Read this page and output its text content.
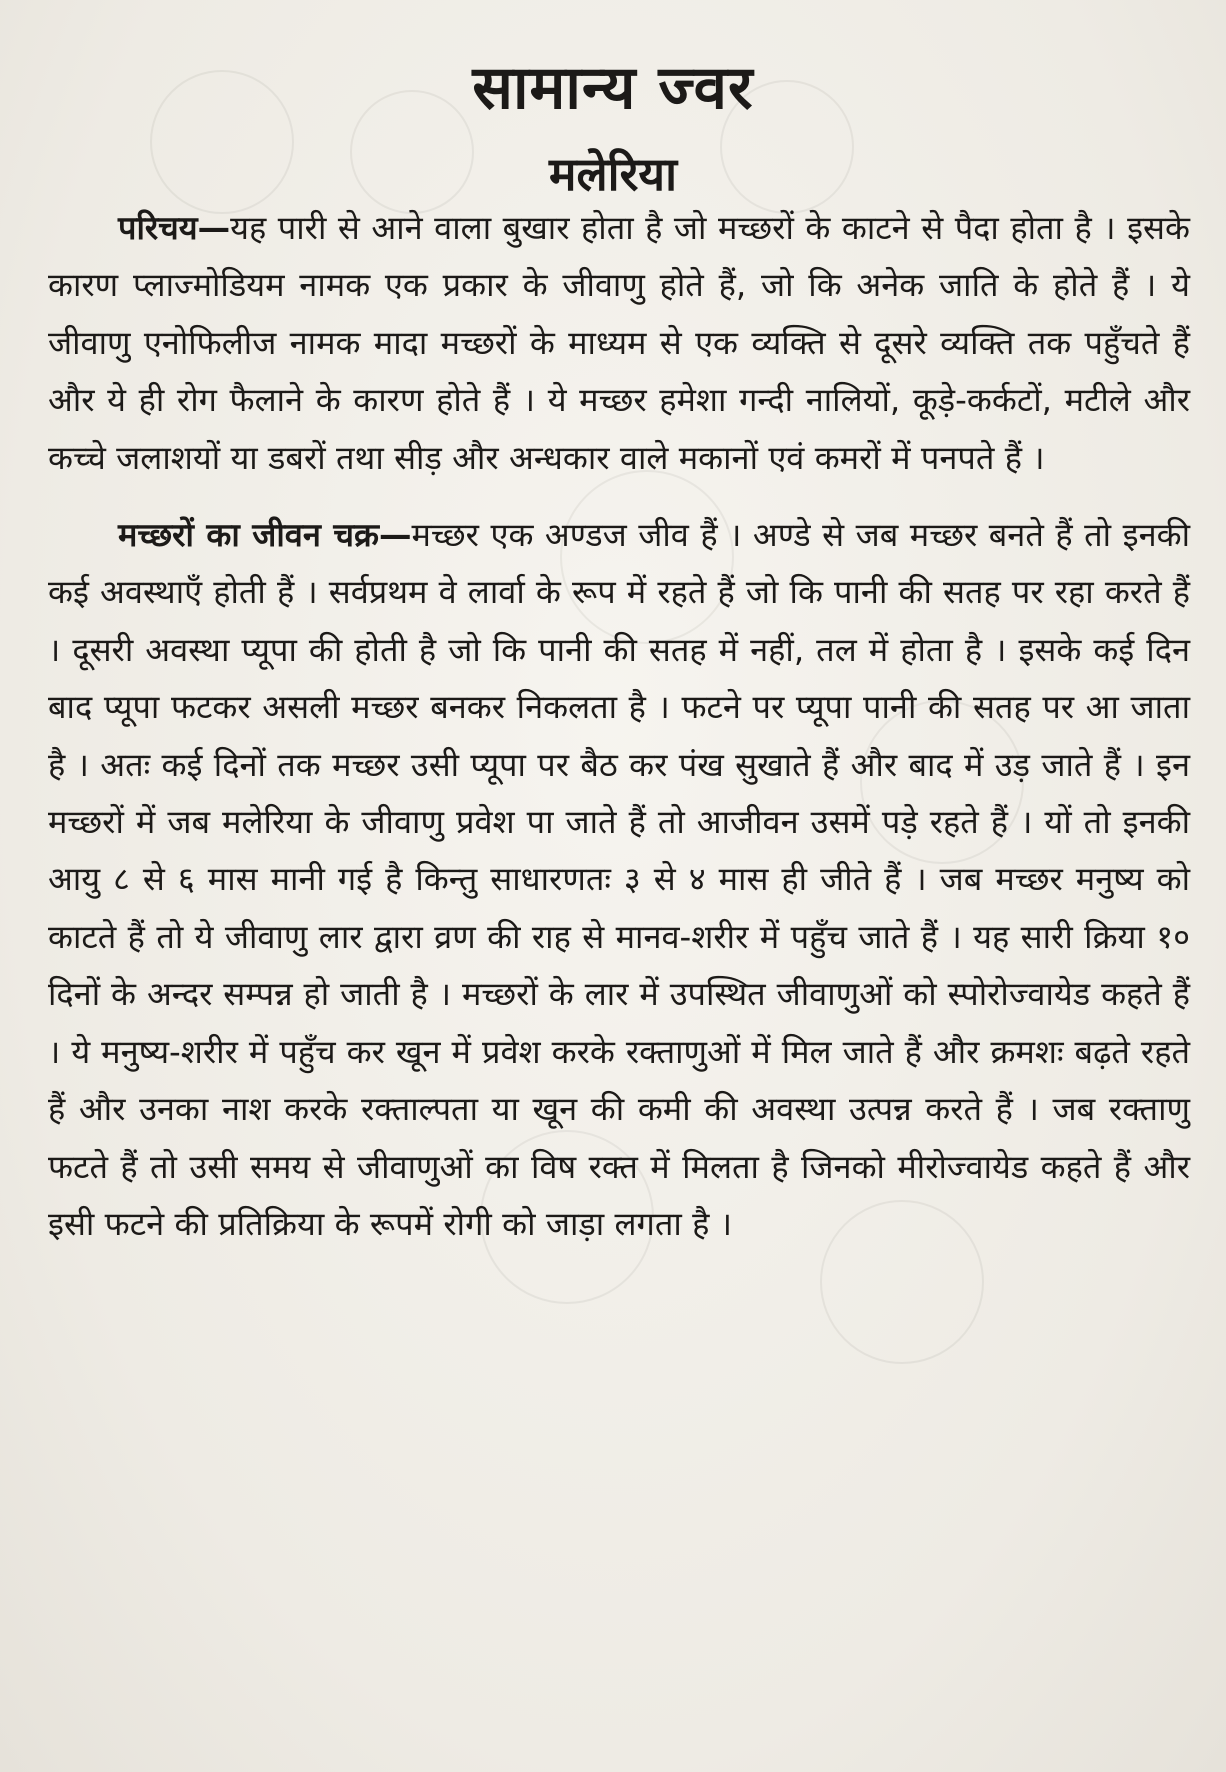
सामान्य ज्वर
मलेरिया

परिचय—यह पारी से आने वाला बुखार होता है जो मच्छरों के काटने से पैदा होता है । इसके कारण प्लाज्मोडियम नामक एक प्रकार के जीवाणु होते हैं, जो कि अनेक जाति के होते हैं । ये जीवाणु एनोफिलीज नामक मादा मच्छरों के माध्यम से एक व्यक्ति से दूसरे व्यक्ति तक पहुँचते हैं और ये ही रोग फैलाने के कारण होते हैं । ये मच्छर हमेशा गन्दी नालियों, कूड़े-कर्कटों, मटीले और कच्चे जलाशयों या डबरों तथा सीड़ और अन्धकार वाले मकानों एवं कमरों में पनपते हैं ।

मच्छरों का जीवन चक्र—मच्छर एक अण्डज जीव हैं । अण्डे से जब मच्छर बनते हैं तो इनकी कई अवस्थाएँ होती हैं । सर्वप्रथम वे लार्वा के रूप में रहते हैं जो कि पानी की सतह पर रहा करते हैं । दूसरी अवस्था प्यूपा की होती है जो कि पानी की सतह में नहीं, तल में होता है । इसके कई दिन बाद प्यूपा फटकर असली मच्छर बनकर निकलता है । फटने पर प्यूपा पानी की सतह पर आ जाता है । अतः कई दिनों तक मच्छर उसी प्यूपा पर बैठ कर पंख सुखाते हैं और बाद में उड़ जाते हैं । इन मच्छरों में जब मलेरिया के जीवाणु प्रवेश पा जाते हैं तो आजीवन उसमें पड़े रहते हैं । यों तो इनकी आयु ८ से ६ मास मानी गई है किन्तु साधारणतः ३ से ४ मास ही जीते हैं । जब मच्छर मनुष्य को काटते हैं तो ये जीवाणु लार द्वारा व्रण की राह से मानव-शरीर में पहुँच जाते हैं । यह सारी क्रिया १० दिनों के अन्दर सम्पन्न हो जाती है । मच्छरों के लार में उपस्थित जीवाणुओं को स्पोरोज्वायेड कहते हैं । ये मनुष्य-शरीर में पहुँच कर खून में प्रवेश करके रक्ताणुओं में मिल जाते हैं और क्रमशः बढ़ते रहते हैं और उनका नाश करके रक्ताल्पता या खून की कमी की अवस्था उत्पन्न करते हैं । जब रक्ताणु फटते हैं तो उसी समय से जीवाणुओं का विष रक्त में मिलता है जिनको मीरोज्वायेड कहते हैं और इसी फटने की प्रतिक्रिया के रूपमें रोगी को जाड़ा लगता है ।
